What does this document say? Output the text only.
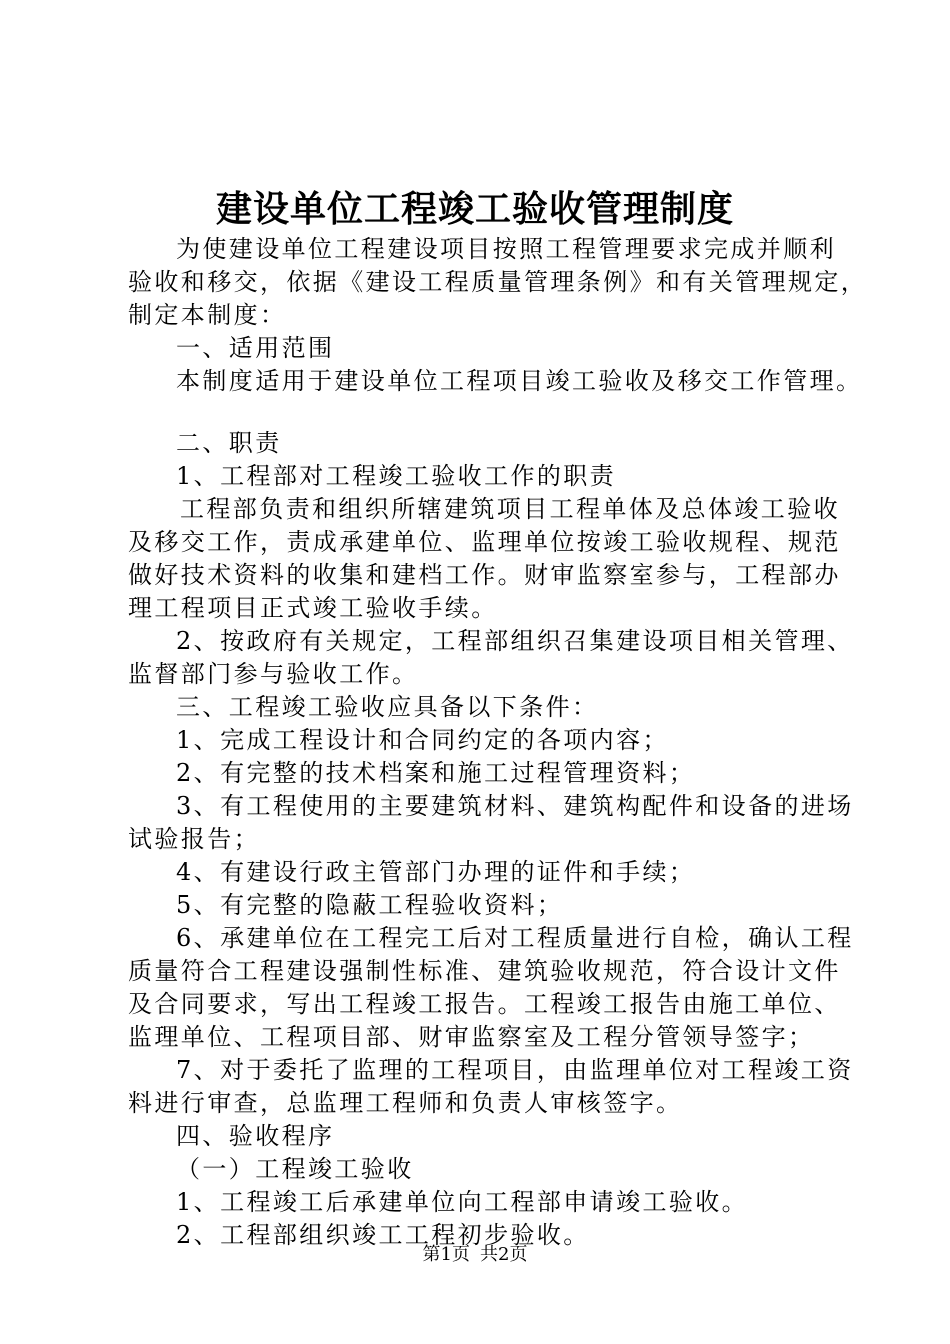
建设单位工程竣工验收管理制度
为使建设单位工程建设项目按照工程管理要求完成并顺利
验收和移交，依据《建设工程质量管理条例》和有关管理规定，
制定本制度：
一、适用范围
本制度适用于建设单位工程项目竣工验收及移交工作管理。
二、职责
1、工程部对工程竣工验收工作的职责
工程部负责和组织所辖建筑项目工程单体及总体竣工验收
及移交工作，责成承建单位、监理单位按竣工验收规程、规范
做好技术资料的收集和建档工作。财审监察室参与，工程部办
理工程项目正式竣工验收手续。
2、按政府有关规定，工程部组织召集建设项目相关管理、
监督部门参与验收工作。
三、工程竣工验收应具备以下条件：
1、完成工程设计和合同约定的各项内容；
2、有完整的技术档案和施工过程管理资料；
3、有工程使用的主要建筑材料、建筑构配件和设备的进场
试验报告；
4、有建设行政主管部门办理的证件和手续；
5、有完整的隐蔽工程验收资料；
6、承建单位在工程完工后对工程质量进行自检，确认工程
质量符合工程建设强制性标准、建筑验收规范，符合设计文件
及合同要求，写出工程竣工报告。工程竣工报告由施工单位、
监理单位、工程项目部、财审监察室及工程分管领导签字；
7、对于委托了监理的工程项目，由监理单位对工程竣工资
料进行审查，总监理工程师和负责人审核签字。
四、验收程序
（一）工程竣工验收
1、工程竣工后承建单位向工程部申请竣工验收。
2、工程部组织竣工工程初步验收。
第1页 共2页
